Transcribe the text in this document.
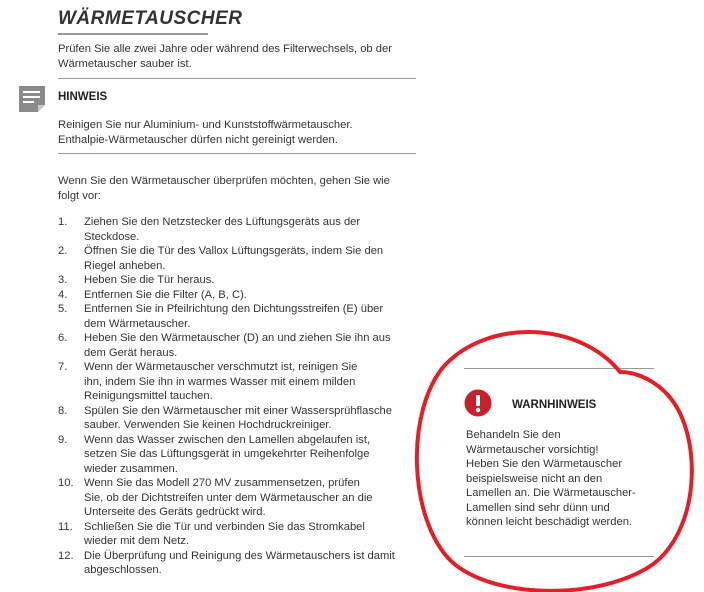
WÄRMETAUSCHER
Prüfen Sie alle zwei Jahre oder während des Filterwechsels, ob der
Wärmetauscher sauber ist.
HINWEIS
Reinigen Sie nur Aluminium- und Kunststoffwärmetauscher.
Enthalpie-Wärmetauscher dürfen nicht gereinigt werden.
Wenn Sie den Wärmetauscher überprüfen möchten, gehen Sie wie
folgt vor:
1.	Ziehen Sie den Netzstecker des Lüftungsgeräts aus der
Steckdose.
2.	Öffnen Sie die Tür des Vallox Lüftungsgeräts, indem Sie den
Riegel anheben.
3.	Heben Sie die Tür heraus.
4.	Entfernen Sie die Filter (A, B, C).
5.	Entfernen Sie in Pfeilrichtung den Dichtungsstreifen (E) über
dem Wärmetauscher.
6.	Heben Sie den Wärmetauscher (D) an und ziehen Sie ihn aus
dem Gerät heraus.
7.	Wenn der Wärmetauscher verschmutzt ist, reinigen Sie
ihn, indem Sie ihn in warmes Wasser mit einem milden
Reinigungsmittel tauchen.
8.	Spülen Sie den Wärmetauscher mit einer Wassersprühflasche
sauber. Verwenden Sie keinen Hochdruckreiniger.
9.	Wenn das Wasser zwischen den Lamellen abgelaufen ist,
setzen Sie das Lüftungsgerät in umgekehrter Reihenfolge
wieder zusammen.
10. Wenn Sie das Modell 270 MV zusammensetzen, prüfen
Sie, ob der Dichtstreifen unter dem Wärmetauscher an die
Unterseite des Geräts gedrückt wird.
11.	Schließen Sie die Tür und verbinden Sie das Stromkabel
wieder mit dem Netz.
12. Die Überprüfung und Reinigung des Wärmetauschers ist damit
abgeschlossen.
WARNHINWEIS
Behandeln Sie den
Wärmetauscher vorsichtig!
Heben Sie den Wärmetauscher
beispielsweise nicht an den
Lamellen an. Die Wärmetauscher-
Lamellen sind sehr dünn und
können leicht beschädigt werden.
